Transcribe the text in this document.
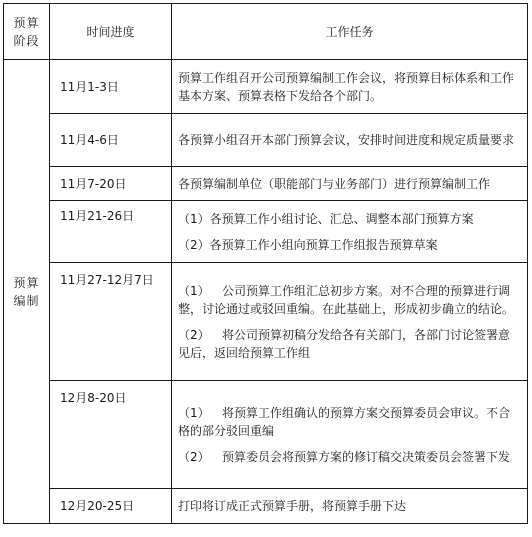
预算
阶段	时间进度	工作任务

预算
编制	11月1-3日	预算工作组召开公司预算编制工作会议，将预算目标体系和工作基本方案、预算表格下发给各个部门。

	11月4-6日	各预算小组召开本部门预算会议，安排时间进度和规定质量要求

	11月7-20日	各预算编制单位（职能部门与业务部门）进行预算编制工作

	11月21-26日	（1）各预算工作小组讨论、汇总、调整本部门预算方案

（2）各预算工作小组向预算工作组报告预算草案

	11月27-12月7日	（1） 公司预算工作组汇总初步方案。对不合理的预算进行调整，讨论通过或驳回重编。在此基础上，形成初步确立的结论。

（2） 将公司预算初稿分发给各有关部门，各部门讨论签署意见后，返回给预算工作组

	12月8-20日	（1） 将预算工作组确认的预算方案交预算委员会审议。不合格的部分驳回重编

（2） 预算委员会将预算方案的修订稿交决策委员会签署下发

	12月20-25日	打印将订成正式预算手册，将预算手册下达
